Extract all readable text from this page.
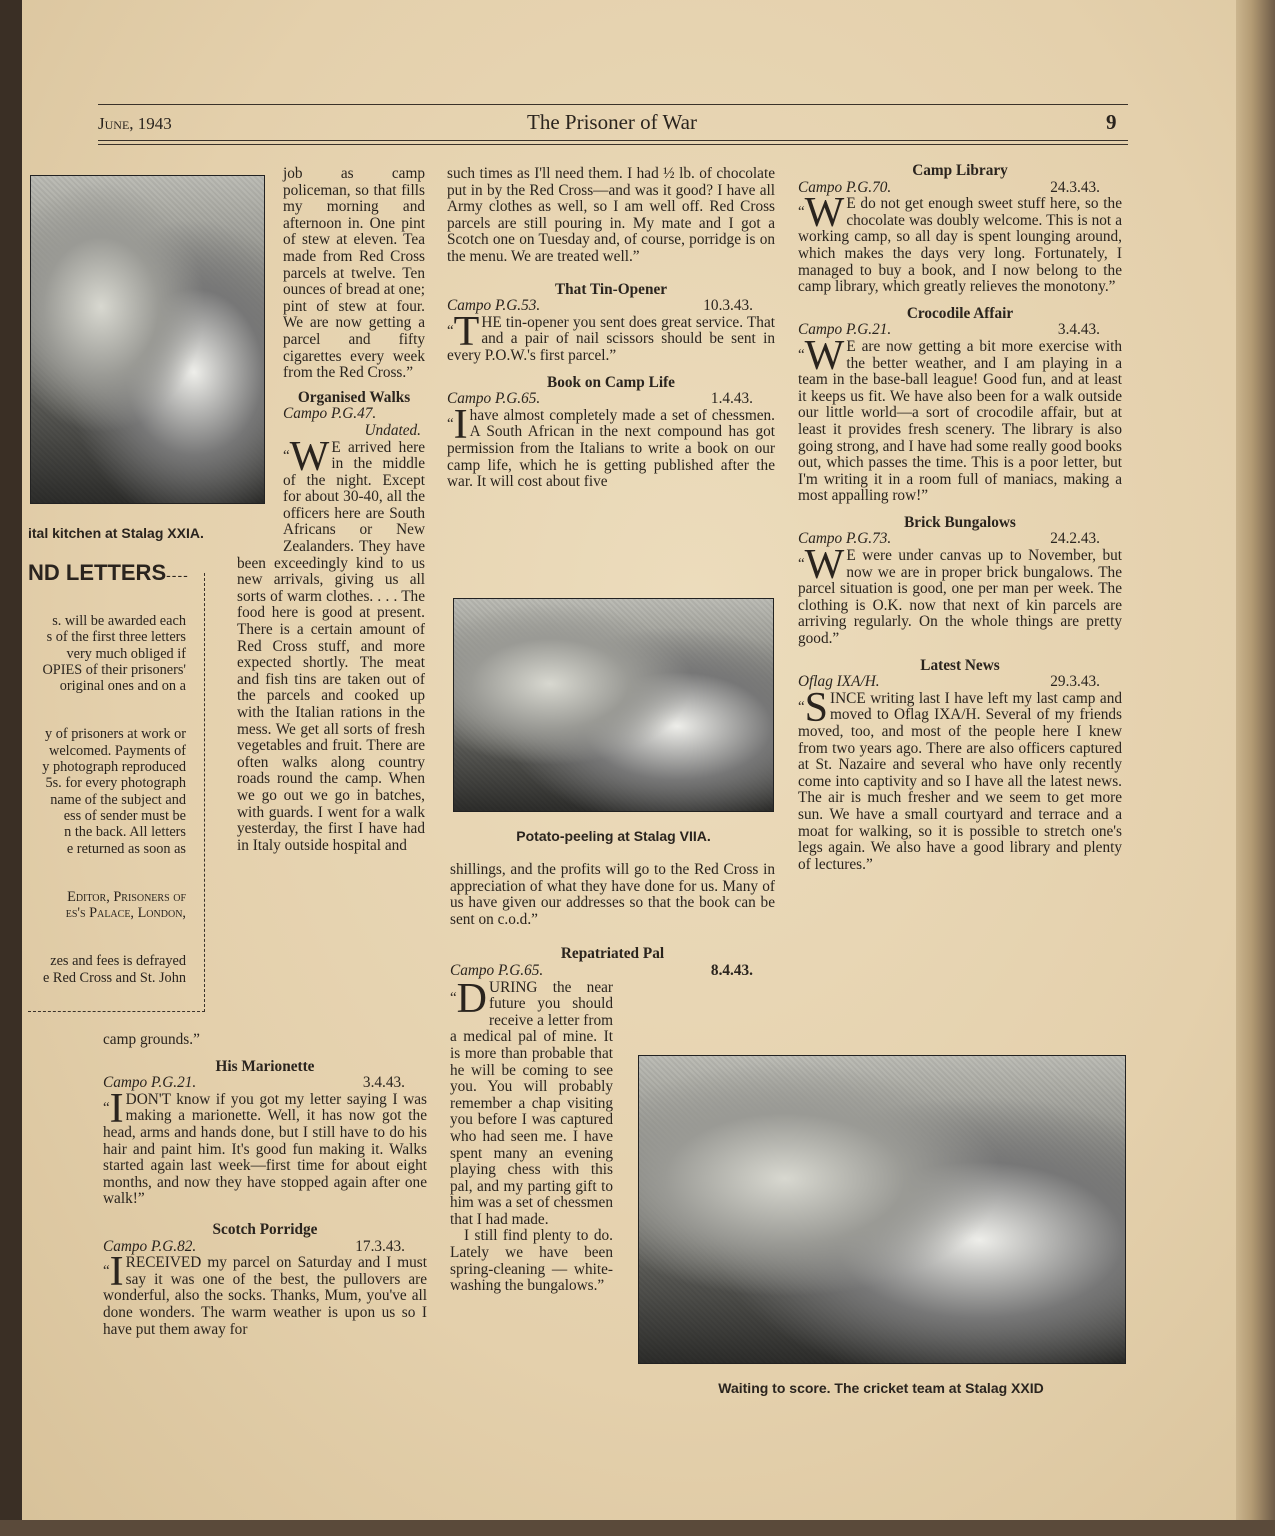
June, 1943	The Prisoner of War	9
ital kitchen at Stalag XXIA.
ND LETTERS----
s. will be awarded each
s of the first three letters
very much obliged if
OPIES of their prisoners'
original ones and on a
y of prisoners at work or
welcomed. Payments of
y photograph reproduced
5s. for every photograph
name of the subject and
ess of sender must be
n the back. All letters
e returned as soon as
Editor, Prisoners of
es's Palace, London,
zes and fees is defrayed
e Red Cross and St. John

job as camp policeman, so that fills my morning and afternoon in. One pint of stew at eleven. Tea made from Red Cross parcels at twelve. Ten ounces of bread at one; pint of stew at four. We are now getting a parcel and fifty cigarettes every week from the Red Cross.”

Organised Walks

Campo P.G.47.

Undated.

“W E arrived here in the middle of the night. Except for about 30-40, all the officers here are South Africans or New Zealanders. They have been exceedingly kind to us new arrivals, giving us all sorts of warm clothes. . . . The food here is good at present. There is a certain amount of Red Cross stuff, and more expected shortly. The meat and fish tins are taken out of the parcels and cooked up with the Italian rations in the mess. We get all sorts of fresh vegetables and fruit. There are often walks along country roads round the camp. When we go out we go in batches, with guards. I went for a walk yesterday, the first I have had in Italy outside hospital and

camp grounds.”

His Marionette

Campo P.G.21.	3.4.43.

“I DON'T know if you got my letter saying I was making a marionette. Well, it has now got the head, arms and hands done, but I still have to do his hair and paint him. It's good fun making it. Walks started again last week—first time for about eight months, and now they have stopped again after one walk!”

Scotch Porridge

Campo P.G.82.	17.3.43.

“I RECEIVED my parcel on Saturday and I must say it was one of the best, the pullovers are wonderful, also the socks. Thanks, Mum, you've all done wonders. The warm weather is upon us so I have put them away for

such times as I'll need them. I had ½ lb. of chocolate put in by the Red Cross—and was it good? I have all Army clothes as well, so I am well off. Red Cross parcels are still pouring in. My mate and I got a Scotch one on Tuesday and, of course, porridge is on the menu. We are treated well.”

That Tin-Opener

Campo P.G.53.	10.3.43.

“T HE tin-opener you sent does great service. That and a pair of nail scissors should be sent in every P.O.W.'s first parcel.”

Book on Camp Life

Campo P.G.65.	1.4.43.

“I have almost completely made a set of chessmen. A South African in the next compound has got permission from the Italians to write a book on our camp life, which he is getting published after the war. It will cost about five

Potato-peeling at Stalag VIIA.

shillings, and the profits will go to the Red Cross in appreciation of what they have done for us. Many of us have given our addresses so that the book can be sent on c.o.d.”

Repatriated Pal

Campo P.G.65.	8.4.43.

“D URING the near future you should receive a letter from a medical pal of mine. It is more than probable that he will be coming to see you. You will probably remember a chap visiting you before I was captured who had seen me. I have spent many an evening playing chess with this pal, and my parting gift to him was a set of chessmen that I had made.

I still find plenty to do. Lately we have been spring-cleaning — white-washing the bungalows.”

Camp Library

Campo P.G.70.	24.3.43.

“W E do not get enough sweet stuff here, so the chocolate was doubly welcome. This is not a working camp, so all day is spent lounging around, which makes the days very long. Fortunately, I managed to buy a book, and I now belong to the camp library, which greatly relieves the monotony.”

Crocodile Affair

Campo P.G.21.	3.4.43.

“W E are now getting a bit more exercise with the better weather, and I am playing in a team in the base-ball league! Good fun, and at least it keeps us fit. We have also been for a walk outside our little world—a sort of crocodile affair, but at least it provides fresh scenery. The library is also going strong, and I have had some really good books out, which passes the time. This is a poor letter, but I'm writing it in a room full of maniacs, making a most appalling row!”

Brick Bungalows

Campo P.G.73.	24.2.43.

“W E were under canvas up to November, but now we are in proper brick bungalows. The parcel situation is good, one per man per week. The clothing is O.K. now that next of kin parcels are arriving regularly. On the whole things are pretty good.”

Latest News

Oflag IXA/H.	29.3.43.

“S INCE writing last I have left my last camp and moved to Oflag IXA/H. Several of my friends moved, too, and most of the people here I knew from two years ago. There are also officers captured at St. Nazaire and several who have only recently come into captivity and so I have all the latest news. The air is much fresher and we seem to get more sun. We have a small courtyard and terrace and a moat for walking, so it is possible to stretch one's legs again. We also have a good library and plenty of lectures.”

Waiting to score. The cricket team at Stalag XXID
